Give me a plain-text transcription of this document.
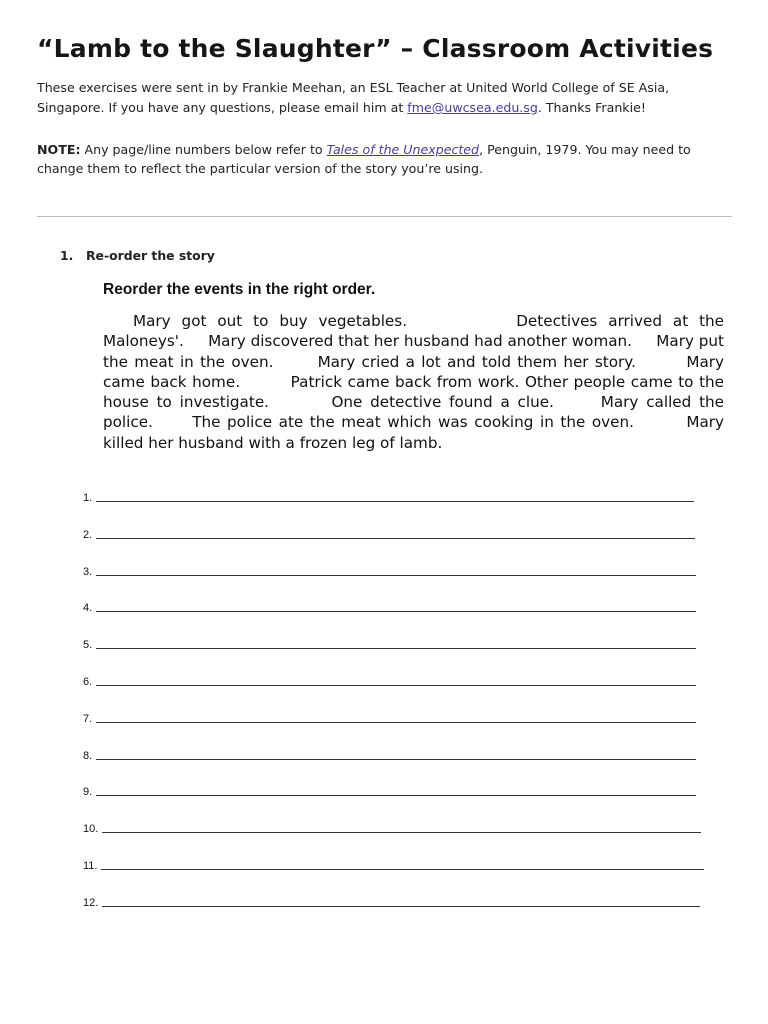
“Lamb to the Slaughter” – Classroom Activities
These exercises were sent in by Frankie Meehan, an ESL Teacher at United World College of SE Asia, Singapore. If you have any questions, please email him at fme@uwcsea.edu.sg. Thanks Frankie!
NOTE: Any page/line numbers below refer to Tales of the Unexpected, Penguin, 1979. You may need to change them to reflect the particular version of the story you’re using.
1. Re-order the story
Reorder the events in the right order.
Mary got out to buy vegetables.	Detectives arrived at the Maloneys'. Mary discovered that her husband had another woman. Mary put the meat in the oven.	Mary cried a lot and told them her story.	Mary came back home.	Patrick came back from work. Other people came to the house to investigate.	One detective found a clue.	Mary called the police.	The police ate the meat which was cooking in the oven.	Mary killed her husband with a frozen leg of lamb.
1.
2.
3.
4.
5.
6.
7.
8.
9.
10.
11.
12.
